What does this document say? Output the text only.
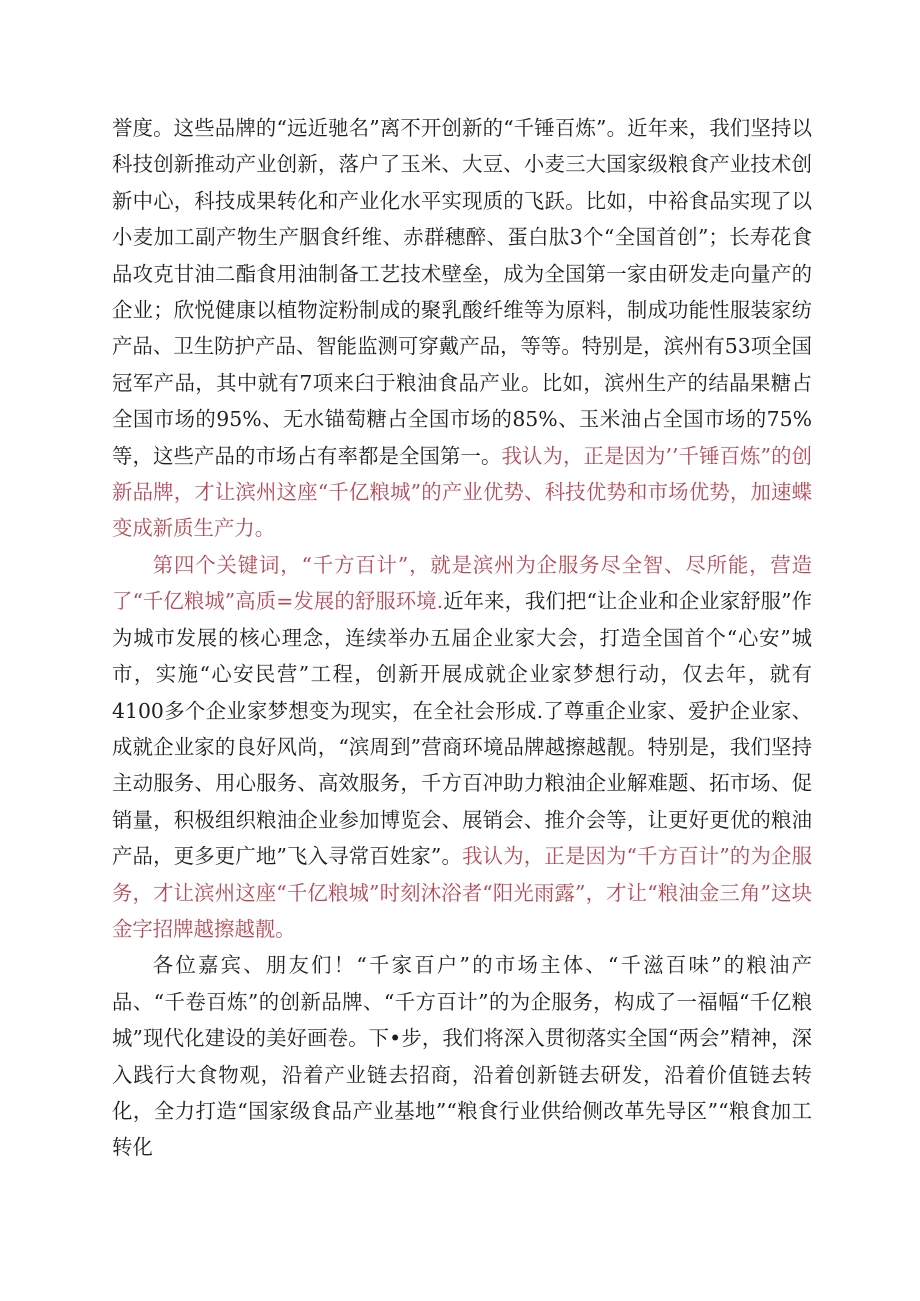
誉度。这些品牌的“远近驰名”离不开创新的“千锤百炼”。近年来，我们坚持以科技创新推动产业创新，落户了玉米、大豆、小麦三大国家级粮食产业技术创新中心，科技成果转化和产业化水平实现质的飞跃。比如，中裕食品实现了以小麦加工副产物生产胭食纤维、赤群穗醉、蛋白肽3个“全国首创”；长寿花食品攻克甘油二酯食用油制备工艺技术壁垒，成为全国第一家由研发走向量产的企业；欣悦健康以植物淀粉制成的聚乳酸纤维等为原料，制成功能性服装家纺产品、卫生防护产品、智能监测可穿戴产品，等等。特别是，滨州有53项全国冠军产品，其中就有7项来臼于粮油食品产业。比如，滨州生产的结晶果糖占全国市场的95%、无水锚萄糖占全国市场的85%、玉米油占全国市场的75%等，这些产品的市场占有率都是全国第一。我认为，正是因为’’千锤百炼”的创新品牌，才让滨州这座“千亿粮城”的产业优势、科技优势和市场优势，加速蝶变成新质生产力。

第四个关键词，“千方百计”，就是滨州为企服务尽全智、尽所能，营造了“千亿粮城”高质=发展的舒服环境.近年来，我们把“让企业和企业家舒服”作为城市发展的核心理念，连续举办五届企业家大会，打造全国首个“心安”城市，实施“心安民营”工程，创新开展成就企业家梦想行动，仅去年，就有4100多个企业家梦想变为现实，在全社会形成.了尊重企业家、爱护企业家、成就企业家的良好风尚，“滨周到”营商环境品牌越擦越靓。特别是，我们坚持主动服务、用心服务、高效服务，千方百冲助力粮油企业解难题、拓市场、促销量，积极组织粮油企业参加博览会、展销会、推介会等，让更好更优的粮油产品，更多更广地”飞入寻常百姓家”。我认为，正是因为“千方百计”的为企服务，才让滨州这座“千亿粮城”时刻沐浴者“阳光雨露”，才让“粮油金三角”这块金字招牌越擦越靓。

各位嘉宾、朋友们！“千家百户”的市场主体、“千滋百味”的粮油产品、“千卷百炼”的创新品牌、“千方百计”的为企服务，构成了一福幅“千亿粮城”现代化建设的美好画卷。下•步，我们将深入贯彻落实全国“两会”精神，深入践行大食物观，沿着产业链去招商，沿着创新链去研发，沿着价值链去转化，全力打造“国家级食品产业基地”“粮食行业供给侧改革先导区”“粮食加工转化
